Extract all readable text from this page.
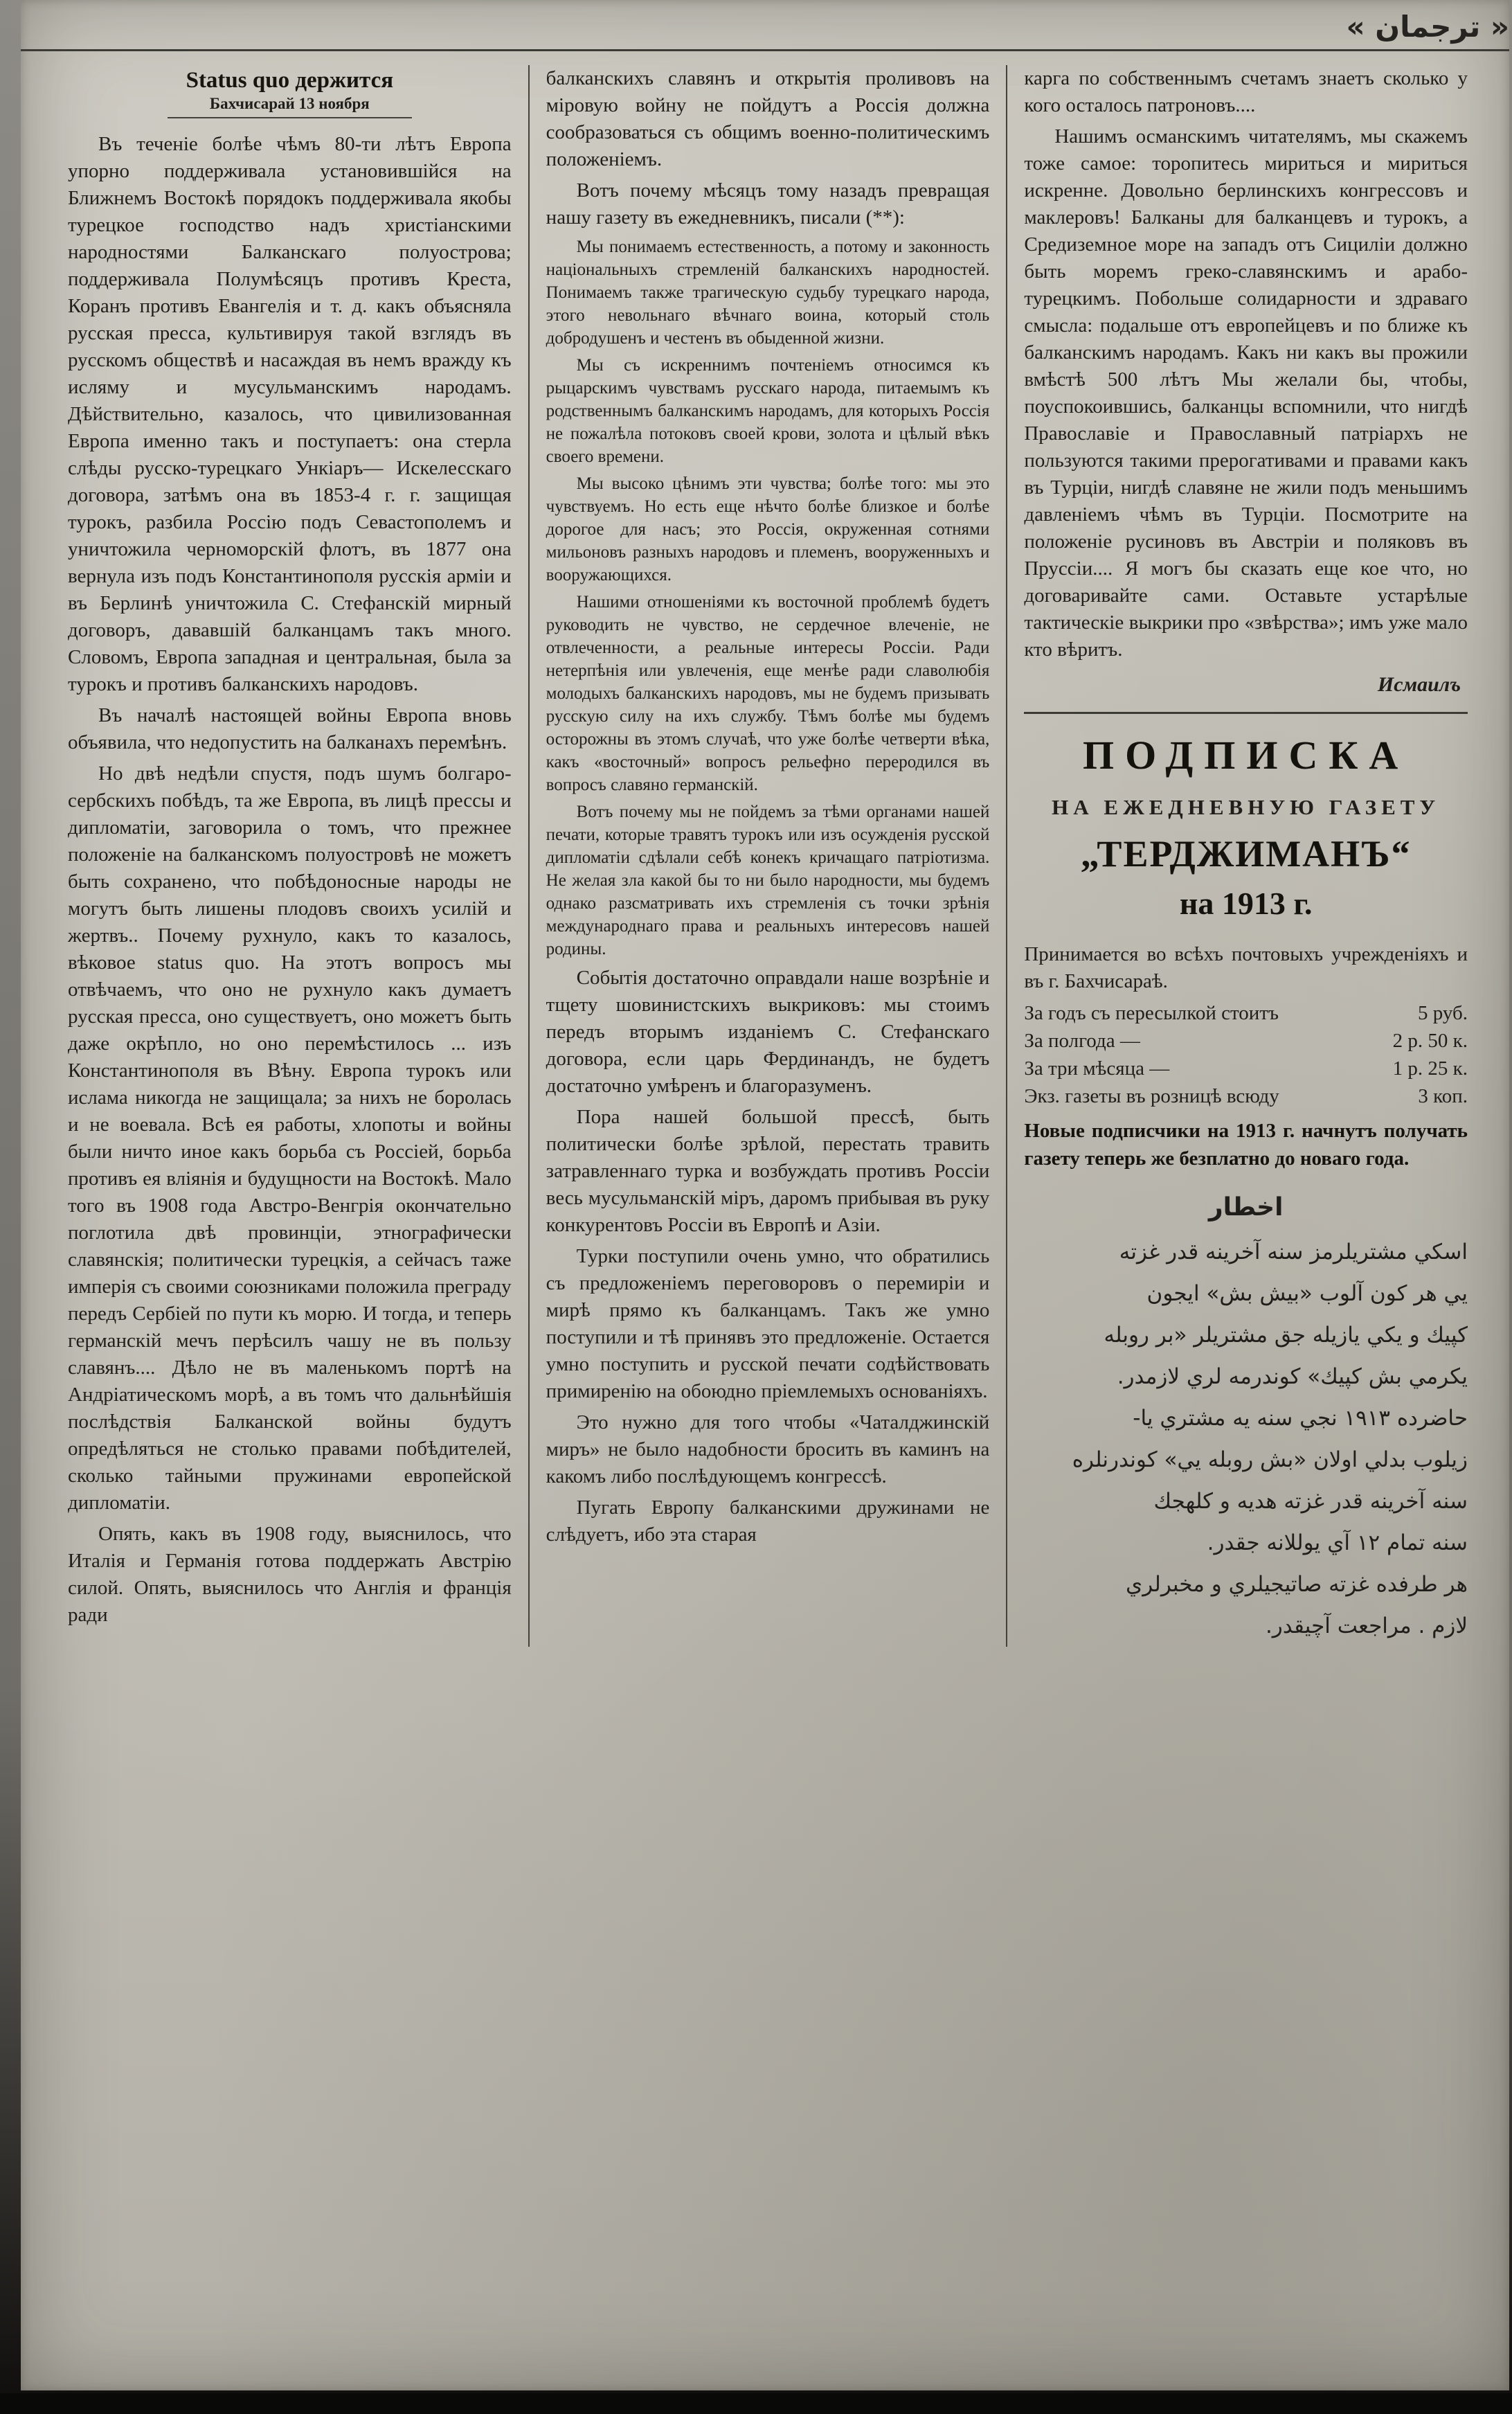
« ترجمان »
Status quo держится
Бахчисарай 13 ноября

Въ теченіе болѣе чѣмъ 80-ти лѣтъ Европа упорно поддерживала установившійся на Ближнемъ Востокѣ порядокъ поддерживала якобы турецкое господство надъ христіанскими народностями Балканскаго полуострова; поддерживала Полумѣсяцъ противъ Креста, Коранъ противъ Евангелія и т. д. какъ объясняла русская пресса, культивируя такой взглядъ въ русскомъ обществѣ и насаждая въ немъ вражду къ исляму и мусульманскимъ народамъ. Дѣйствительно, казалось, что цивилизованная Европа именно такъ и поступаетъ: она стерла слѣды русско-турецкаго Ункіаръ— Искелесскаго договора, затѣмъ она въ 1853-4 г. г. защищая турокъ, разбила Россію подъ Севастополемъ и уничтожила черноморскій флотъ, въ 1877 она вернула изъ подъ Константинополя русскія арміи и въ Берлинѣ уничтожила С. Стефанскій мирный договоръ, дававшій балканцамъ такъ много. Словомъ, Европа западная и центральная, была за турокъ и противъ балканскихъ народовъ.

Въ началѣ настоящей войны Европа вновь объявила, что недопустить на балканахъ перемѣнъ.

Но двѣ недѣли спустя, подъ шумъ болгаро-сербскихъ побѣдъ, та же Европа, въ лицѣ прессы и дипломатіи, заговорила о томъ, что прежнее положеніе на балканскомъ полуостровѣ не можетъ быть сохранено, что побѣдоносные народы не могутъ быть лишены плодовъ своихъ усилій и жертвъ.. Почему рухнуло, какъ то казалось, вѣковое status quo. На этотъ вопросъ мы отвѣчаемъ, что оно не рухнуло какъ думаетъ русская пресса, оно существуетъ, оно можетъ быть даже окрѣпло, но оно перемѣстилось ... изъ Константинополя въ Вѣну. Европа турокъ или ислама никогда не защищала; за нихъ не боролась и не воевала. Всѣ ея работы, хлопоты и войны были ничто иное какъ борьба съ Россіей, борьба противъ ея вліянія и будущности на Востокѣ. Мало того въ 1908 года Австро-Венгрія окончательно поглотила двѣ провинціи, этнографически славянскія; политически турецкія, а сейчасъ таже имперія съ своими союзниками положила преграду передъ Сербіей по пути къ морю. И тогда, и теперь германскій мечъ перѣсилъ чашу не въ пользу славянъ.... Дѣло не въ маленькомъ портѣ на Андріатическомъ морѣ, а въ томъ что дальнѣйшія послѣдствія Балканской войны будутъ опредѣляться не столько правами побѣдителей, сколько тайными пружинами европейской дипломатіи.

Опять, какъ въ 1908 году, выяснилось, что Италія и Германія готова поддержать Австрію силой. Опять, выяснилось что Англія и франція ради

балканскихъ славянъ и открытія проливовъ на міровую войну не пойдутъ а Россія должна сообразоваться съ общимъ военно-политическимъ положеніемъ.

Вотъ почему мѣсяцъ тому назадъ превращая нашу газету въ ежедневникъ, писали (**):

Мы понимаемъ естественность, а потому и законность національныхъ стремленій балканскихъ народностей. Понимаемъ также трагическую судьбу турецкаго народа, этого невольнаго вѣчнаго воина, который столь добродушенъ и честенъ въ обыденной жизни.

Мы съ искреннимъ почтеніемъ относимся къ рыцарскимъ чувствамъ русскаго народа, питаемымъ къ родственнымъ балканскимъ народамъ, для которыхъ Россія не пожалѣла потоковъ своей крови, золота и цѣлый вѣкъ своего времени.

Мы высоко цѣнимъ эти чувства; болѣе того: мы это чувствуемъ. Но есть еще нѣчто болѣе близкое и болѣе дорогое для насъ; это Россія, окруженная сотнями мильоновъ разныхъ народовъ и племенъ, вооруженныхъ и вооружающихся.

Нашими отношеніями къ восточной проблемѣ будетъ руководить не чувство, не сердечное влеченіе, не отвлеченности, а реальные интересы Россіи. Ради нетерпѣнія или увлеченія, еще менѣе ради славолюбія молодыхъ балканскихъ народовъ, мы не будемъ призывать русскую силу на ихъ службу. Тѣмъ болѣе мы будемъ осторожны въ этомъ случаѣ, что уже болѣе четверти вѣка, какъ «восточный» вопросъ рельефно переродился въ вопросъ славяно германскій.

Вотъ почему мы не пойдемъ за тѣми органами нашей печати, которые травятъ турокъ или изъ осужденія русской дипломатіи сдѣлали себѣ конекъ кричащаго патріотизма. Не желая зла какой бы то ни было народности, мы будемъ однако разсматривать ихъ стремленія съ точки зрѣнія международнаго права и реальныхъ интересовъ нашей родины.

Событія достаточно оправдали наше возрѣніе и тщету шовинистскихъ выкриковъ: мы стоимъ передъ вторымъ изданіемъ С. Стефанскаго договора, если царь Фердинандъ, не будетъ достаточно умѣренъ и благоразуменъ.

Пора нашей большой прессѣ, быть политически болѣе зрѣлой, перестать травить затравленнаго турка и возбуждать противъ Россіи весь мусульманскій міръ, даромъ прибывая въ руку конкурентовъ Россіи въ Европѣ и Азіи.

Турки поступили очень умно, что обратились съ предложеніемъ переговоровъ о перемиріи и мирѣ прямо къ балканцамъ. Такъ же умно поступили и тѣ принявъ это предложеніе. Остается умно поступить и русской печати содѣйствовать примиренію на обоюдно пріемлемыхъ основаніяхъ.

Это нужно для того чтобы «Чаталджинскій миръ» не было надобности бросить въ каминъ на какомъ либо послѣдующемъ конгрессѣ.

Пугать Европу балканскими дружинами не слѣдуетъ, ибо эта старая

карга по собственнымъ счетамъ знаетъ сколько у кого осталось патроновъ....

Нашимъ османскимъ читателямъ, мы скажемъ тоже самое: торопитесь мириться и мириться искренне. Довольно берлинскихъ конгрессовъ и маклеровъ! Балканы для балканцевъ и турокъ, а Средиземное море на западъ отъ Сициліи должно быть моремъ греко-славянскимъ и арабо-турецкимъ. Побольше солидарности и здраваго смысла: подальше отъ европейцевъ и по ближе къ балканскимъ народамъ. Какъ ни какъ вы прожили вмѣстѣ 500 лѣтъ Мы желали бы, чтобы, поуспокоившись, балканцы вспомнили, что нигдѣ Православіе и Православный патріархъ не пользуются такими прерогативами и правами какъ въ Турціи, нигдѣ славяне не жили подъ меньшимъ давленіемъ чѣмъ въ Турціи. Посмотрите на положеніе русиновъ въ Австріи и поляковъ въ Пруссіи.... Я могъ бы сказать еще кое что, но договаривайте сами. Оставьте устарѣлые тактическіе выкрики про «звѣрства»; имъ уже мало кто вѣритъ.

Исмаилъ
ПОДПИСКА
НА ЕЖЕДНЕВНУЮ ГАЗЕТУ
„ТЕРДЖИМАНЪ“
на 1913 г.

Принимается во всѣхъ почтовыхъ учрежденіяхъ и въ г. Бахчисараѣ.

За годъ съ пересылкой стоитъ	5 руб.
За полгода —	2 р. 50 к.
За три мѣсяца —	1 р. 25 к.
Экз. газеты въ розницѣ всюду	3 коп.

Новые подписчики на 1913 г. начнутъ получать газету теперь же безплатно до новаго года.

اخطار
اسكي مشتريلرمز سنه آخرينه قدر غزته
يي هر كون آلوب «بيش بش» ايجون
كپيك و يكي يازيله جق مشتريلر «بر روبله
يكرمي بش كپيك» كوندرمه لري لازمدر.
حاضرده ١٩١٣ نجي سنه يه مشتري يا-
زيلوب بدلي اولان «بش روبله يي» كوندرنلره
سنه آخرينه قدر غزته هديه و كلهجك
سنه تمام ١٢ آي يوللانه جقدر.
هر طرفده غزته صاتيجيلري و مخبرلري
لازم . مراجعت آچيقدر.
